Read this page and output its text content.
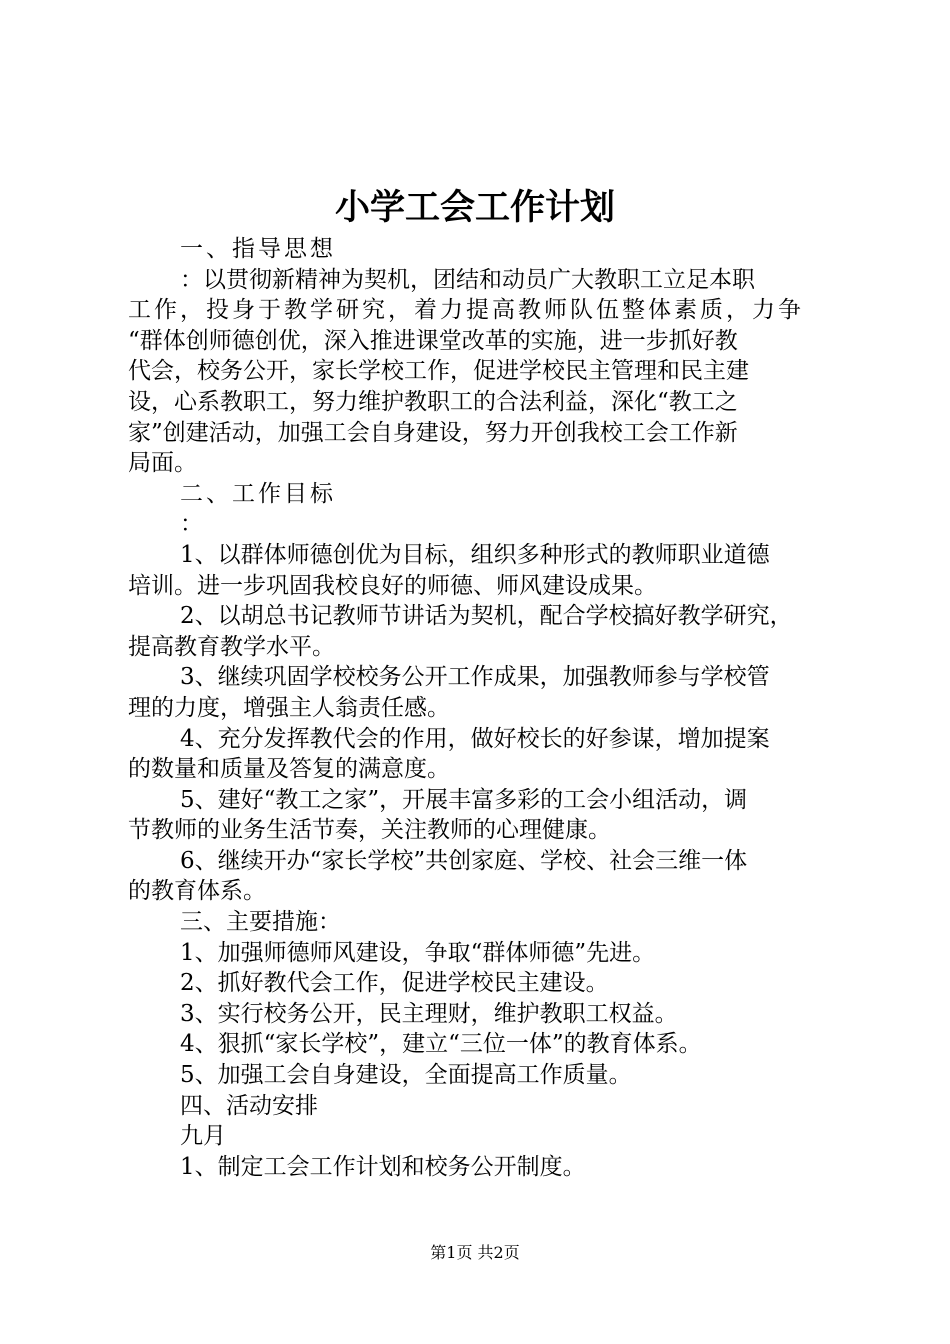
小学工会工作计划

一、指导思想

：以贯彻新精神为契机，团结和动员广大教职工立足本职

工作，投身于教学研究，着力提高教师队伍整体素质，力争

“群体创师德创优，深入推进课堂改革的实施，进一步抓好教

代会，校务公开，家长学校工作，促进学校民主管理和民主建

设，心系教职工，努力维护教职工的合法利益，深化“教工之

家”创建活动，加强工会自身建设，努力开创我校工会工作新

局面。

二、工作目标

：

1、以群体师德创优为目标，组织多种形式的教师职业道德

培训。进一步巩固我校良好的师德、师风建设成果。

2、以胡总书记教师节讲话为契机，配合学校搞好教学研究，

提高教育教学水平。

3、继续巩固学校校务公开工作成果，加强教师参与学校管

理的力度，增强主人翁责任感。

4、充分发挥教代会的作用，做好校长的好参谋，增加提案

的数量和质量及答复的满意度。

5、建好“教工之家”，开展丰富多彩的工会小组活动，调

节教师的业务生活节奏，关注教师的心理健康。

6、继续开办“家长学校”共创家庭、学校、社会三维一体

的教育体系。

三、主要措施：

1、加强师德师风建设，争取“群体师德”先进。

2、抓好教代会工作，促进学校民主建设。

3、实行校务公开，民主理财，维护教职工权益。

4、狠抓“家长学校”，建立“三位一体”的教育体系。

5、加强工会自身建设，全面提高工作质量。

四、活动安排

九月

1、制定工会工作计划和校务公开制度。

第1页 共2页
